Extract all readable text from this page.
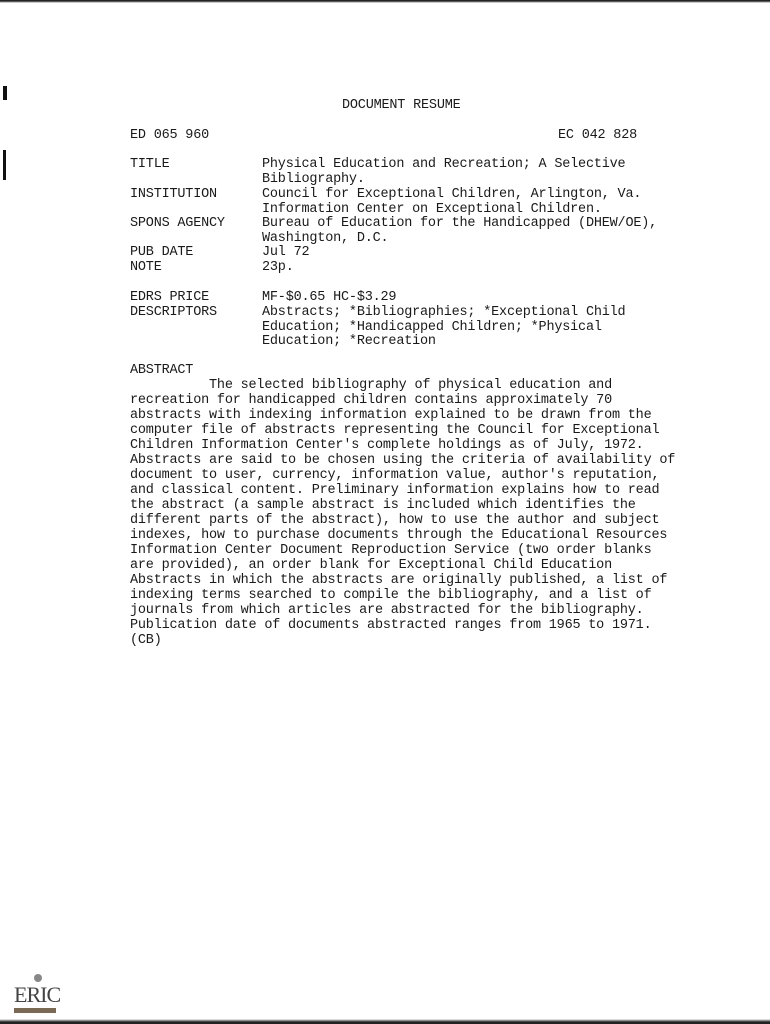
DOCUMENT RESUME
ED 065 960	EC 042 828
TITLE
INSTITUTION
SPONS AGENCY
PUB DATE
NOTE
EDRS PRICE
DESCRIPTORS
Physical Education and Recreation; A Selective
Bibliography.
Council for Exceptional Children, Arlington, Va.
Information Center on Exceptional Children.
Bureau of Education for the Handicapped (DHEW/OE),
Washington, D.C.
Jul 72
23p.
MF-$0.65 HC-$3.29
Abstracts; *Bibliographies; *Exceptional Child
Education; *Handicapped Children; *Physical
Education; *Recreation
ABSTRACT
The selected bibliography of physical education and
recreation for handicapped children contains approximately 70
abstracts with indexing information explained to be drawn from the
computer file of abstracts representing the Council for Exceptional
Children Information Center's complete holdings as of July, 1972.
Abstracts are said to be chosen using the criteria of availability of
document to user, currency, information value, author's reputation,
and classical content. Preliminary information explains how to read
the abstract (a sample abstract is included which identifies the
different parts of the abstract), how to use the author and subject
indexes, how to purchase documents through the Educational Resources
Information Center Document Reproduction Service (two order blanks
are provided), an order blank for Exceptional Child Education
Abstracts in which the abstracts are originally published, a list of
indexing terms searched to compile the bibliography, and a list of
journals from which articles are abstracted for the bibliography.
Publication date of documents abstracted ranges from 1965 to 1971.
(CB)
ERIC
